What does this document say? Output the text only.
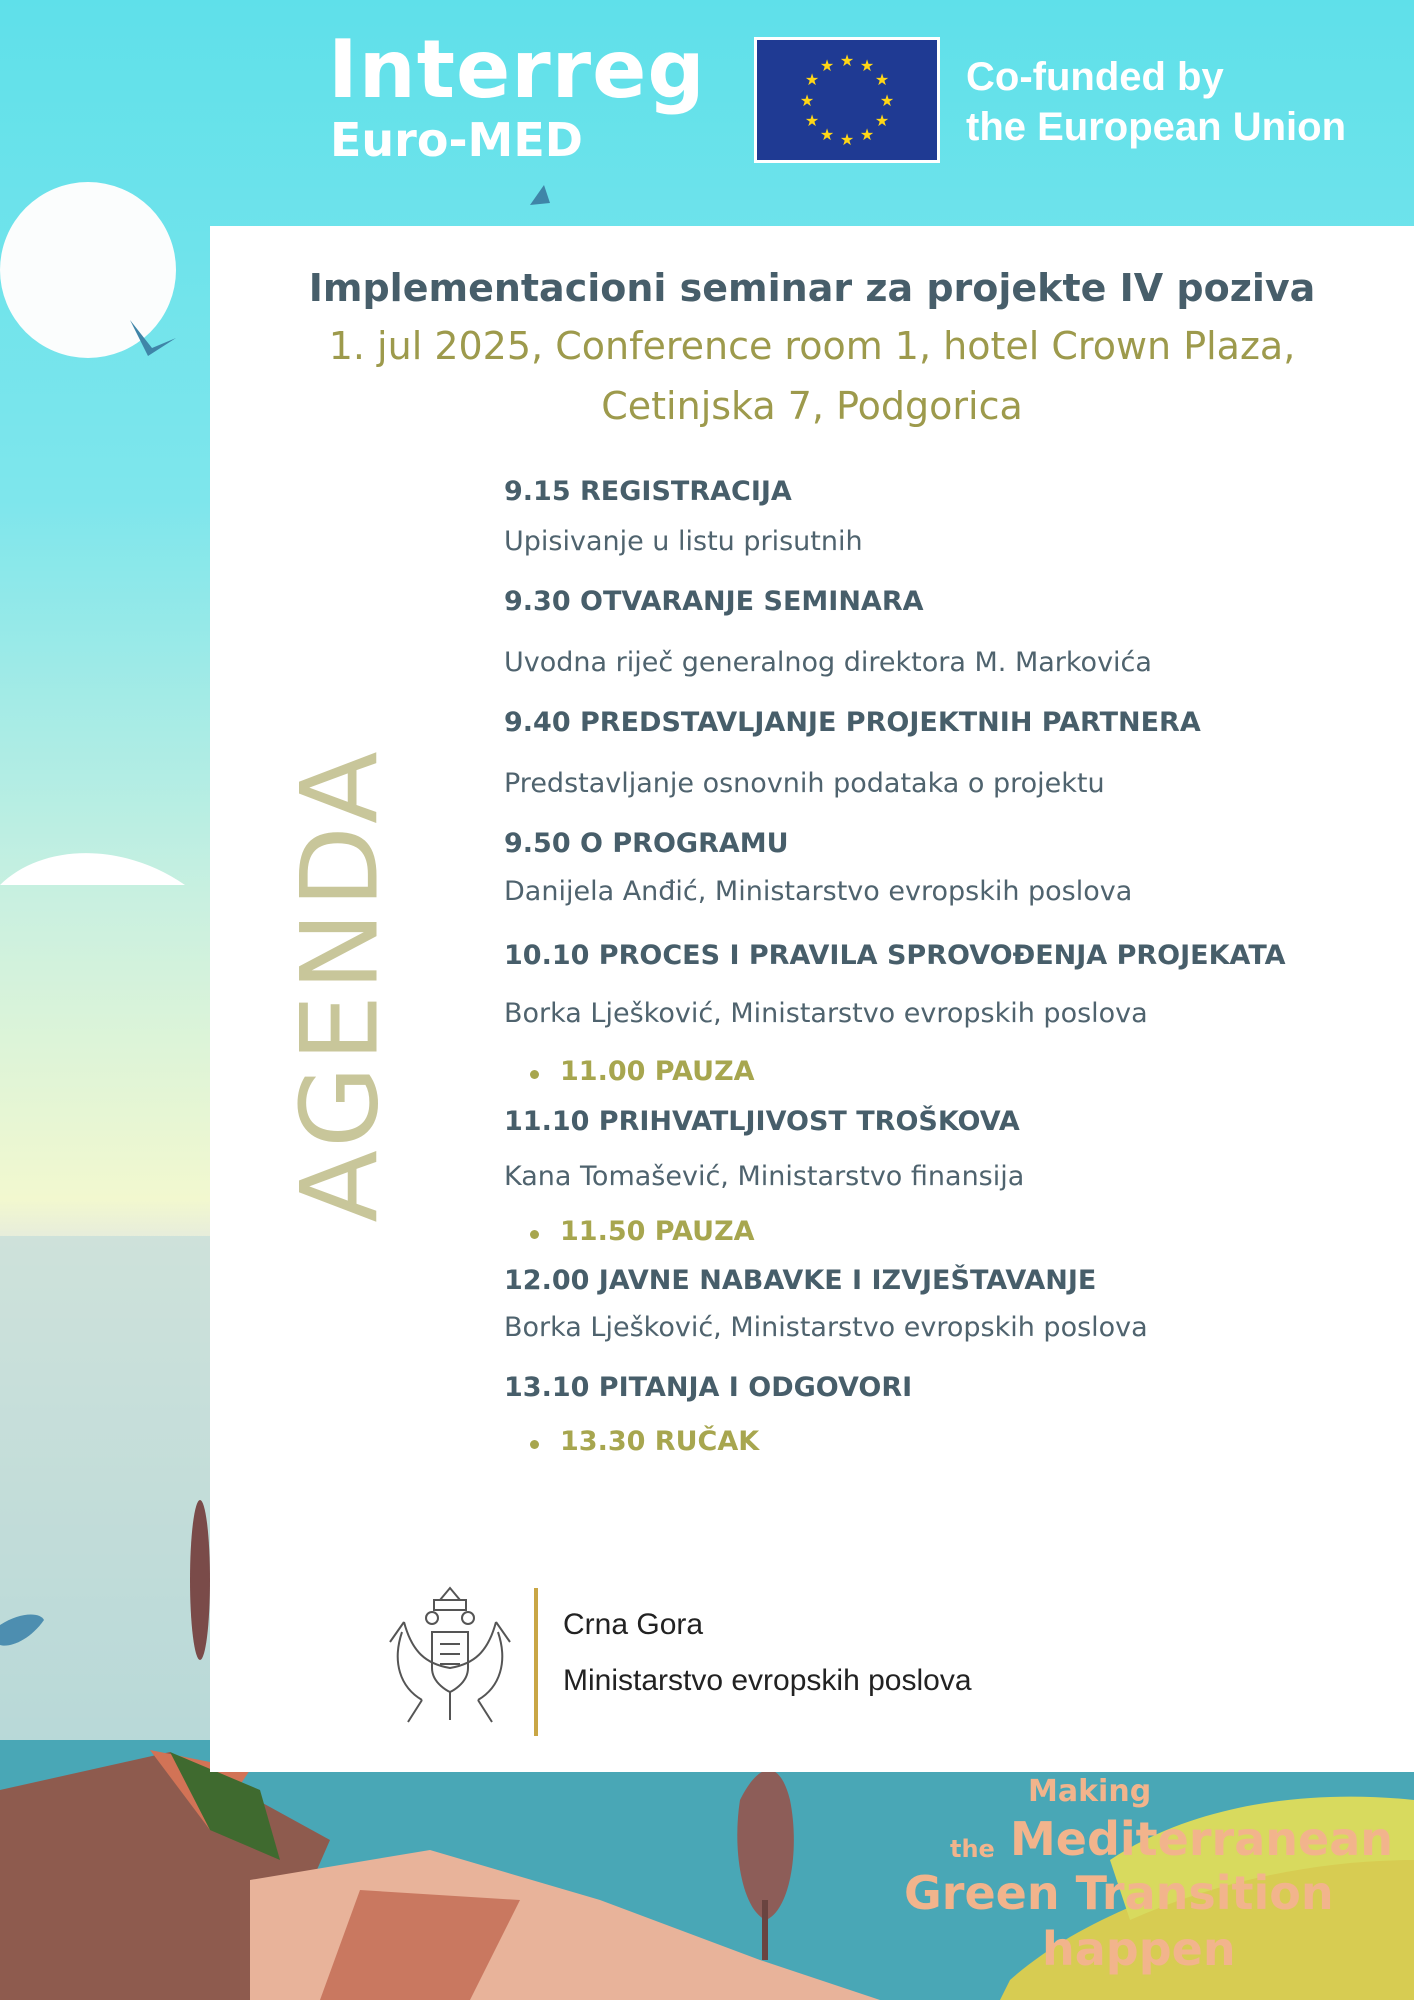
Interreg
Euro-MED
★ ★
★
★
★
★
★
★
★
★
★
★	Co-funded by
the European Union
Implementacioni seminar za projekte IV poziva
1. jul 2025, Conference room 1, hotel Crown Plaza,
Cetinjska 7, Podgorica
AGENDA
9.15 REGISTRACIJA
Upisivanje u listu prisutnih
9.30 OTVARANJE SEMINARA
Uvodna riječ generalnog direktora M. Markovića
9.40 PREDSTAVLJANJE PROJEKTNIH PARTNERA
Predstavljanje osnovnih podataka o projektu
9.50 O PROGRAMU
Danijela Anđić, Ministarstvo evropskih poslova
10.10 PROCES I PRAVILA SPROVOĐENJA PROJEKATA
Borka Lješković, Ministarstvo evropskih poslova
11.00 PAUZA
11.10 PRIHVATLJIVOST TROŠKOVA
Kana Tomašević, Ministarstvo finansija
11.50 PAUZA
12.00 JAVNE NABAVKE I IZVJEŠTAVANJE
Borka Lješković, Ministarstvo evropskih poslova
13.10 PITANJA I ODGOVORI
13.30 RUČAK
Crna Gora
Ministarstvo evropskih poslova
Making
the Mediterranean
Green Transition
happen
